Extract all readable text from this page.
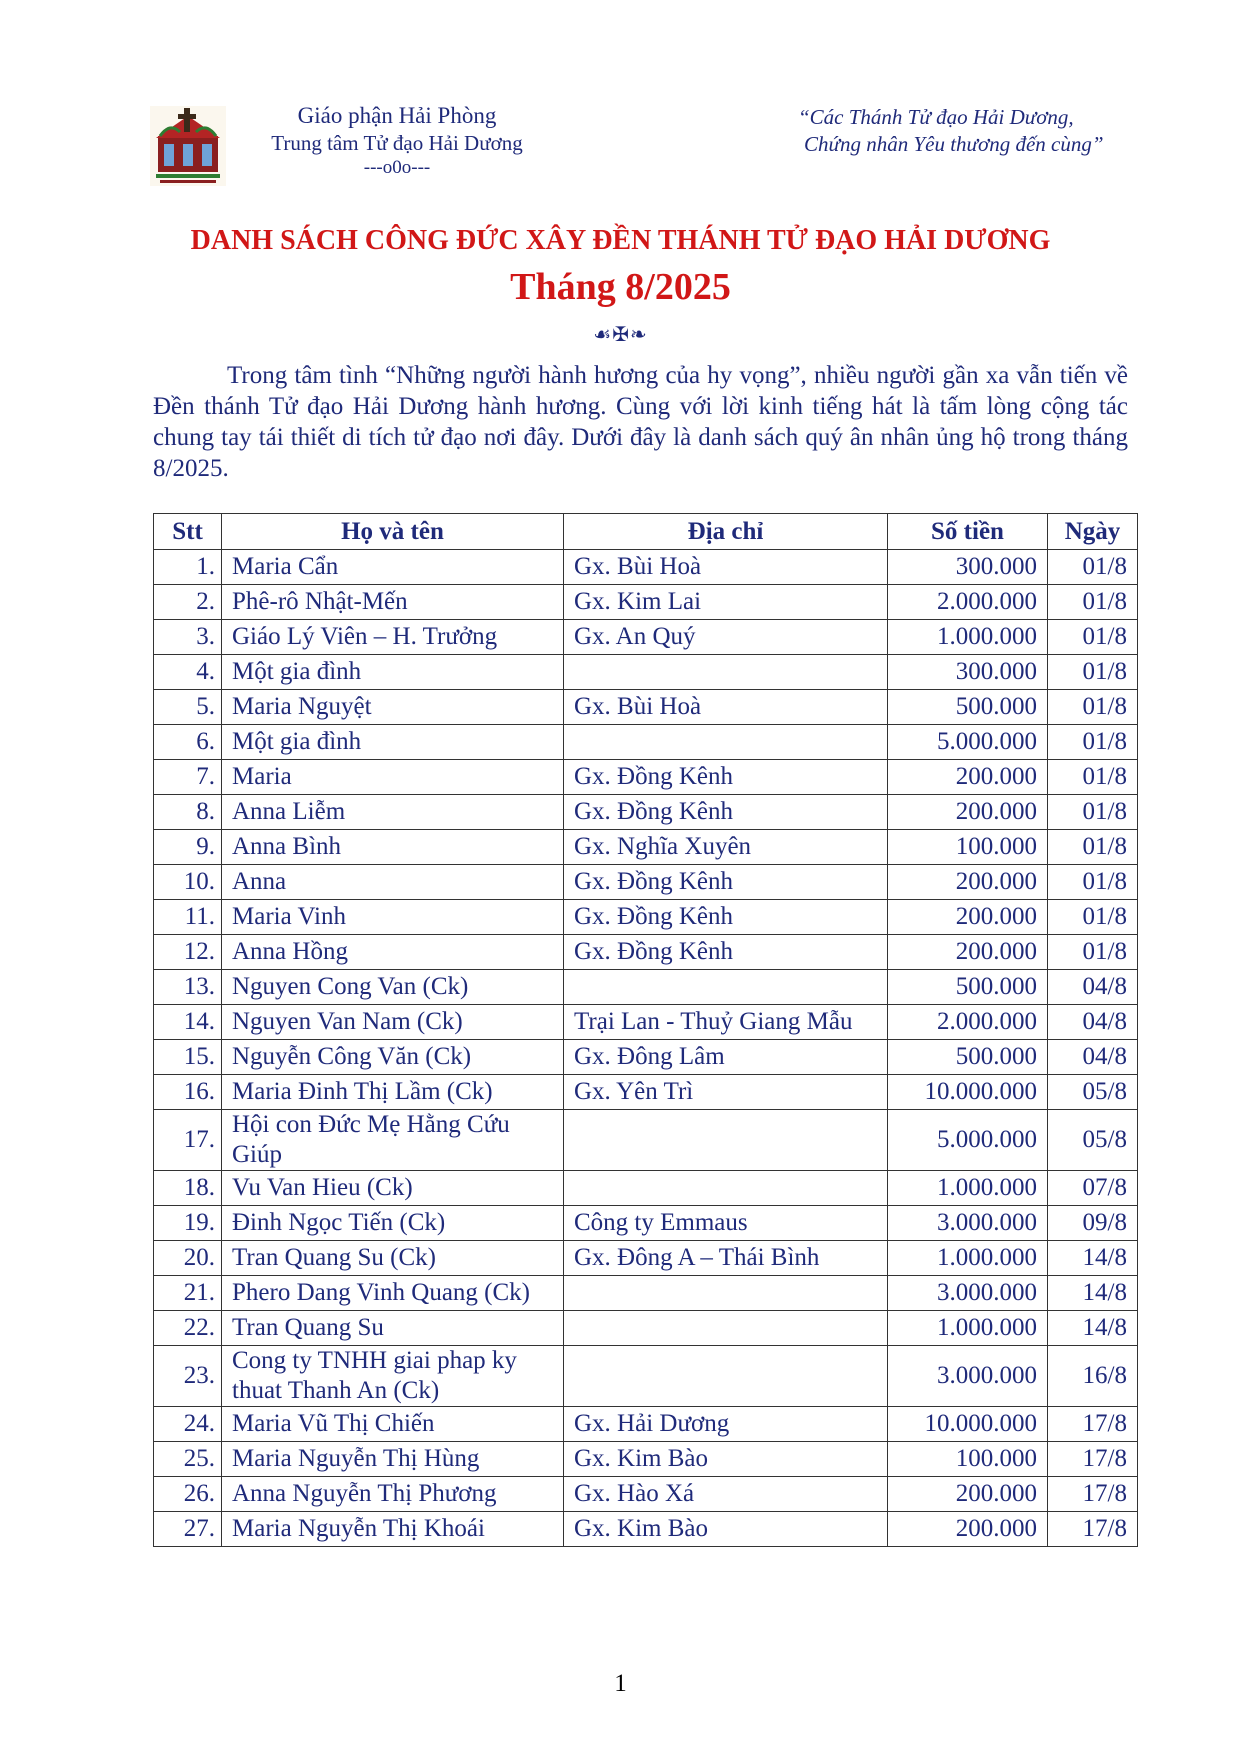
Giáo phận Hải Phòng
Trung tâm Tử đạo Hải Dương
---o0o---
“Các Thánh Tử đạo Hải Dương,
Chứng nhân Yêu thương đến cùng”
DANH SÁCH CÔNG ĐỨC XÂY ĐỀN THÁNH TỬ ĐẠO HẢI DƯƠNG
Tháng 8/2025
☙✠❧

Trong tâm tình “Những người hành hương của hy vọng”, nhiều người gần xa vẫn tiến về Đền thánh Tử đạo Hải Dương hành hương. Cùng với lời kinh tiếng hát là tấm lòng cộng tác chung tay tái thiết di tích tử đạo nơi đây. Dưới đây là danh sách quý ân nhân ủng hộ trong tháng 8/2025.

Stt	Họ và tên	Địa chỉ	Số tiền	Ngày
1.	Maria Cẩn	Gx. Bùi Hoà	300.000	01/8
2.	Phê-rô Nhật-Mến	Gx. Kim Lai	2.000.000	01/8
3.	Giáo Lý Viên – H. Trưởng	Gx. An Quý	1.000.000	01/8
4.	Một gia đình		300.000	01/8
5.	Maria Nguyệt	Gx. Bùi Hoà	500.000	01/8
6.	Một gia đình		5.000.000	01/8
7.	Maria	Gx. Đồng Kênh	200.000	01/8
8.	Anna Liễm	Gx. Đồng Kênh	200.000	01/8
9.	Anna Bình	Gx. Nghĩa Xuyên	100.000	01/8
10.	Anna	Gx. Đồng Kênh	200.000	01/8
11.	Maria Vinh	Gx. Đồng Kênh	200.000	01/8
12.	Anna Hồng	Gx. Đồng Kênh	200.000	01/8
13.	Nguyen Cong Van (Ck)		500.000	04/8
14.	Nguyen Van Nam (Ck)	Trại Lan - Thuỷ Giang Mẫu	2.000.000	04/8
15.	Nguyễn Công Văn (Ck)	Gx. Đông Lâm	500.000	04/8
16.	Maria Đinh Thị Lầm (Ck)	Gx. Yên Trì	10.000.000	05/8
17.	Hội con Đức Mẹ Hằng Cứu Giúp		5.000.000	05/8
18.	Vu Van Hieu (Ck)		1.000.000	07/8
19.	Đinh Ngọc Tiến (Ck)	Công ty Emmaus	3.000.000	09/8
20.	Tran Quang Su (Ck)	Gx. Đông A – Thái Bình	1.000.000	14/8
21.	Phero Dang Vinh Quang (Ck)		3.000.000	14/8
22.	Tran Quang Su		1.000.000	14/8
23.	Cong ty TNHH giai phap ky thuat Thanh An (Ck)		3.000.000	16/8
24.	Maria Vũ Thị Chiến	Gx. Hải Dương	10.000.000	17/8
25.	Maria Nguyễn Thị Hùng	Gx. Kim Bào	100.000	17/8
26.	Anna Nguyễn Thị Phương	Gx. Hào Xá	200.000	17/8
27.	Maria Nguyễn Thị Khoái	Gx. Kim Bào	200.000	17/8
1
